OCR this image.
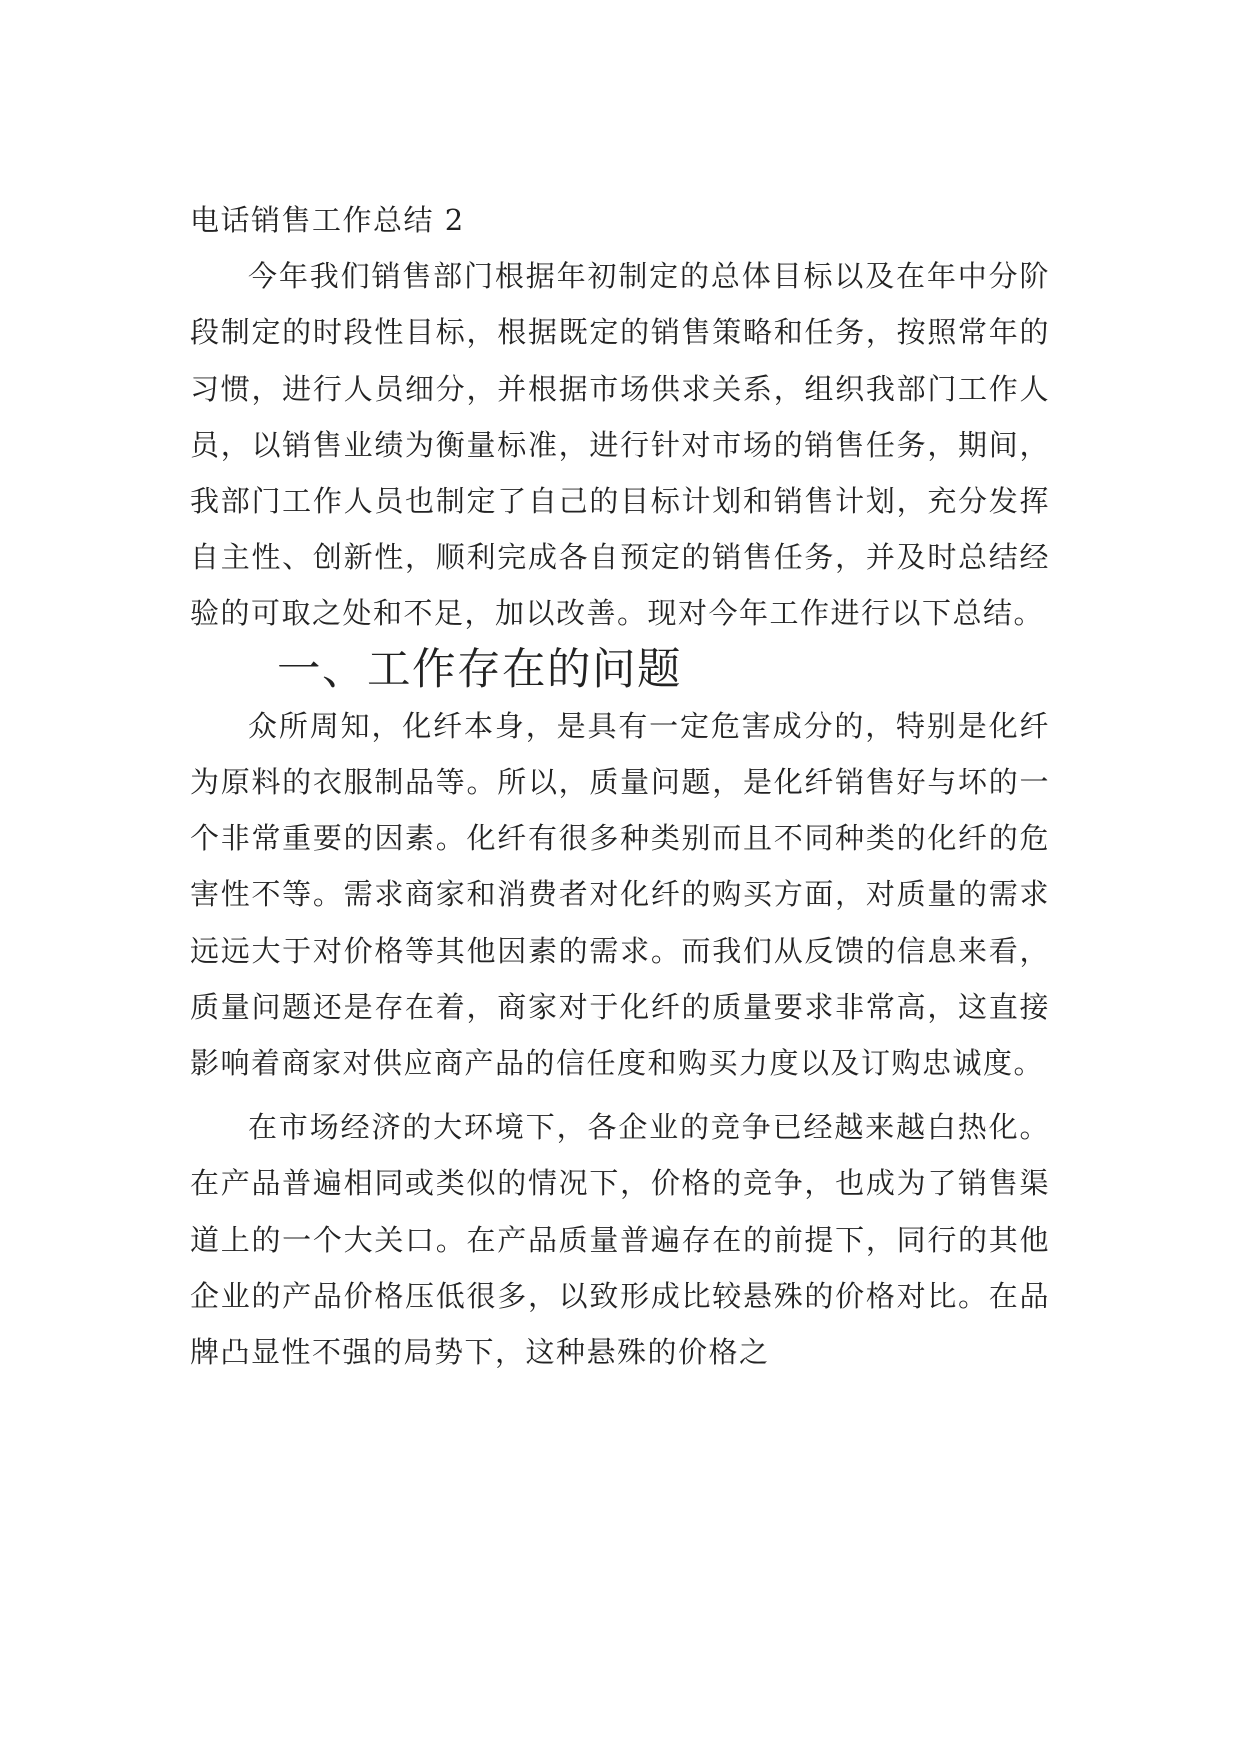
电话销售工作总结 2

今年我们销售部门根据年初制定的总体目标以及在年中分阶段制定的时段性目标，根据既定的销售策略和任务，按照常年的习惯，进行人员细分，并根据市场供求关系，组织我部门工作人员，以销售业绩为衡量标准，进行针对市场的销售任务，期间，我部门工作人员也制定了自己的目标计划和销售计划，充分发挥自主性、创新性，顺利完成各自预定的销售任务，并及时总结经验的可取之处和不足，加以改善。现对今年工作进行以下总结。

一、工作存在的问题

众所周知，化纤本身，是具有一定危害成分的，特别是化纤为原料的衣服制品等。所以，质量问题，是化纤销售好与坏的一个非常重要的因素。化纤有很多种类别而且不同种类的化纤的危害性不等。需求商家和消费者对化纤的购买方面，对质量的需求远远大于对价格等其他因素的需求。而我们从反馈的信息来看，质量问题还是存在着，商家对于化纤的质量要求非常高，这直接影响着商家对供应商产品的信任度和购买力度以及订购忠诚度。

在市场经济的大环境下，各企业的竞争已经越来越白热化。在产品普遍相同或类似的情况下，价格的竞争，也成为了销售渠道上的一个大关口。在产品质量普遍存在的前提下，同行的其他企业的产品价格压低很多，以致形成比较悬殊的价格对比。在品牌凸显性不强的局势下，这种悬殊的价格之
